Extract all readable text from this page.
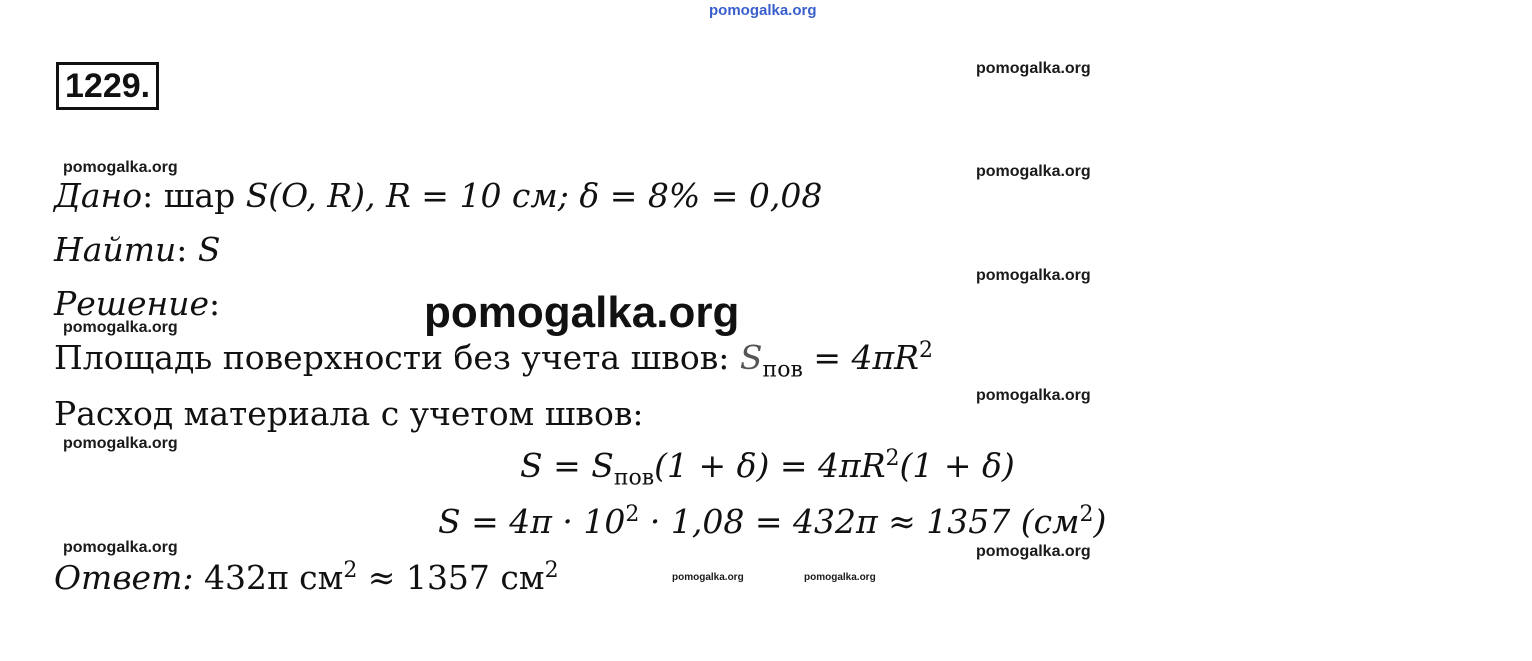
pomogalka.org
pomogalka.org
pomogalka.org	pomogalka.org
pomogalka.org
pomogalka.org
pomogalka.org
pomogalka.org
pomogalka.org
pomogalka.org	pomogalka.org
pomogalka.org	pomogalka.org
1229.
Дано: шар S(O, R), R = 10 см; δ = 8% = 0,08
Найти: S
Решение:
Площадь поверхности без учета швов: $S_{пов} = 4\pi R^2$
Расход материала с учетом швов:
$S = S_{пов}(1 + \delta) = 4\pi R^2(1 + \delta)$
$S = 4\pi \cdot 10^2 \cdot 1,08 = 432\pi \approx 1357$ $(см^2)$
Ответ: 432π $см^2 \approx 1357$ $см^2$
